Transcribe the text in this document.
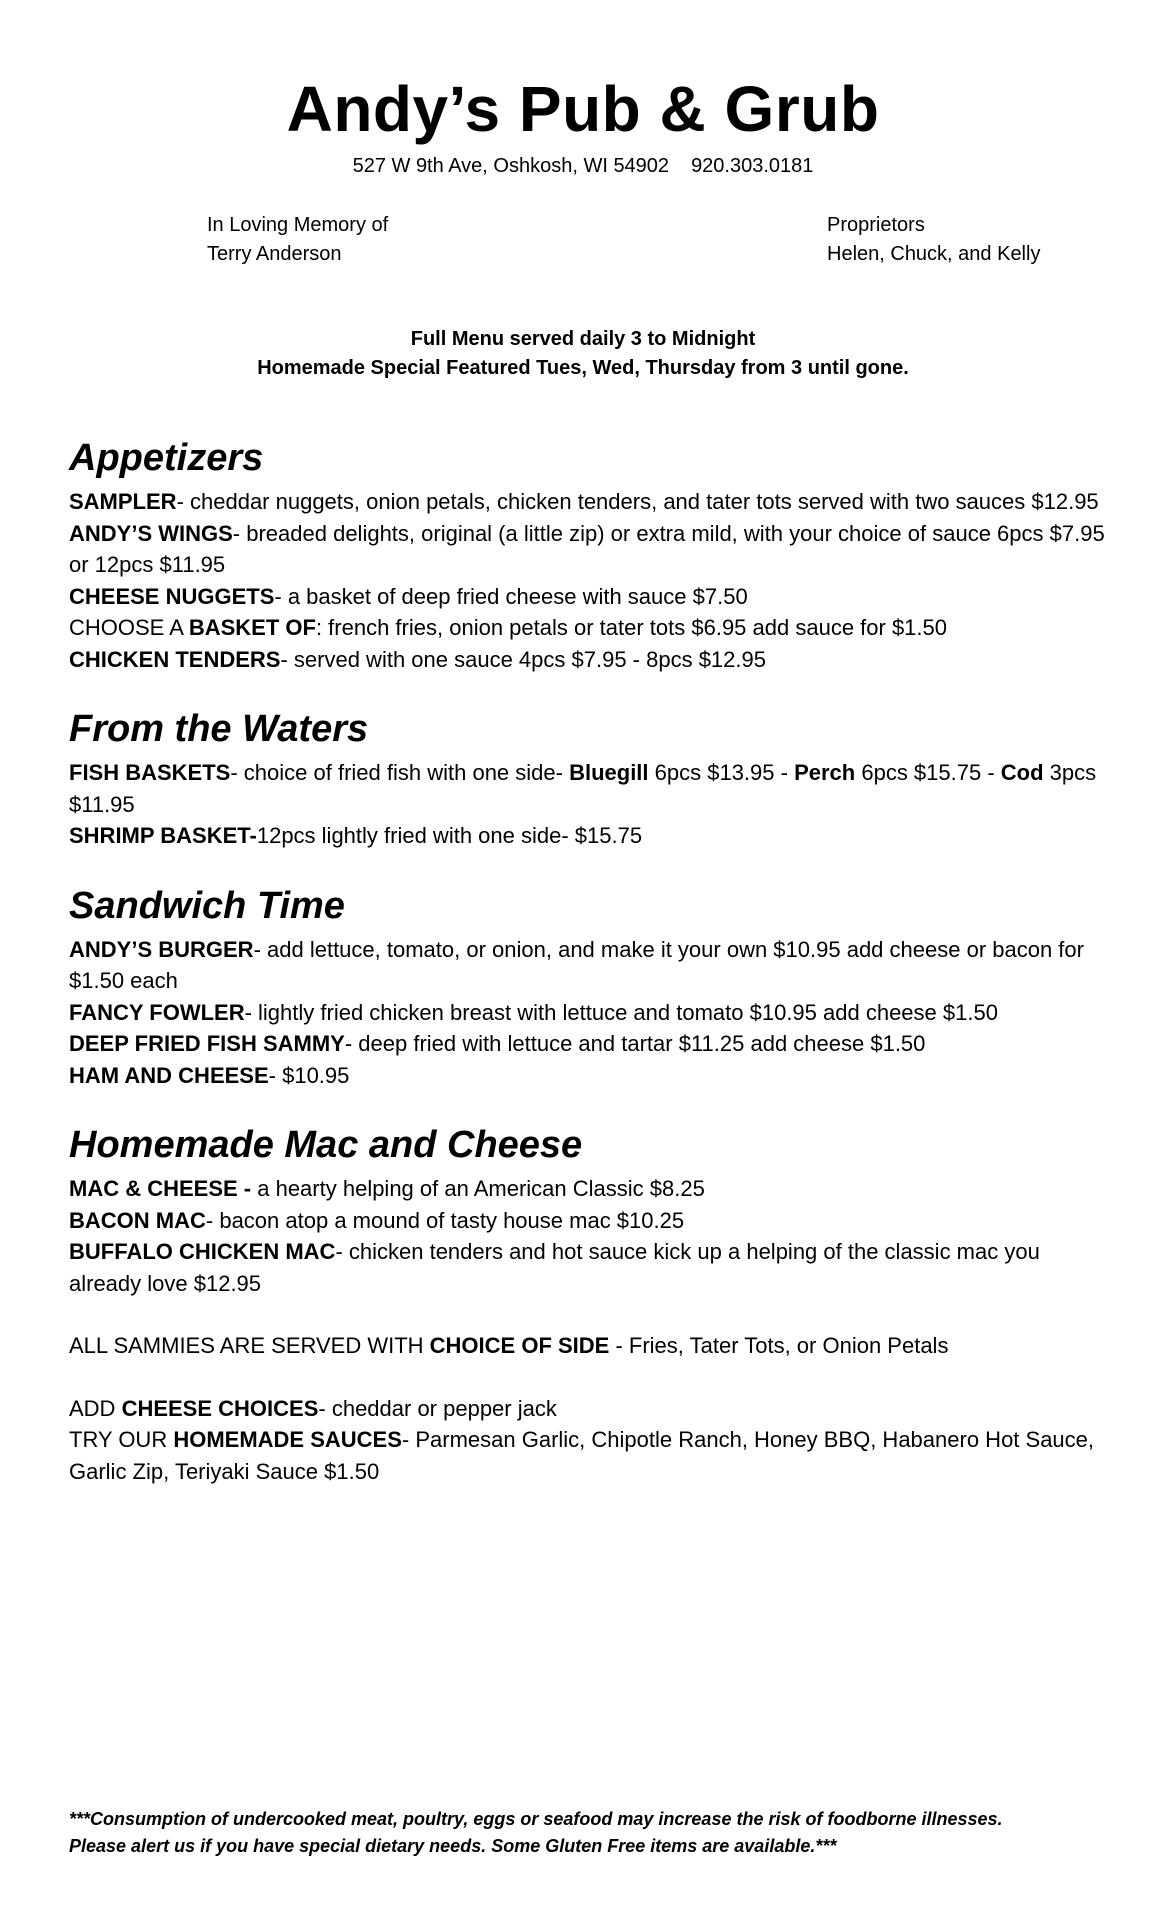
Andy’s Pub & Grub
527 W 9th Ave, Oshkosh, WI 54902 920.303.0181
In Loving Memory of
Terry Anderson
Proprietors
Helen, Chuck, and Kelly
Full Menu served daily 3 to Midnight
Homemade Special Featured Tues, Wed, Thursday from 3 until gone.
Appetizers

SAMPLER- cheddar nuggets, onion petals, chicken tenders, and tater tots served with two sauces $12.95

ANDY’S WINGS- breaded delights, original (a little zip) or extra mild, with your choice of sauce 6pcs $7.95 or 12pcs $11.95

CHEESE NUGGETS- a basket of deep fried cheese with sauce $7.50

CHOOSE A BASKET OF: french fries, onion petals or tater tots $6.95 add sauce for $1.50

CHICKEN TENDERS- served with one sauce 4pcs $7.95 - 8pcs $12.95

From the Waters

FISH BASKETS- choice of fried fish with one side- Bluegill 6pcs $13.95 - Perch 6pcs $15.75 - Cod 3pcs $11.95

SHRIMP BASKET-12pcs lightly fried with one side- $15.75

Sandwich Time

ANDY’S BURGER- add lettuce, tomato, or onion, and make it your own $10.95 add cheese or bacon for $1.50 each

FANCY FOWLER- lightly fried chicken breast with lettuce and tomato $10.95 add cheese $1.50

DEEP FRIED FISH SAMMY- deep fried with lettuce and tartar $11.25 add cheese $1.50

HAM AND CHEESE- $10.95

Homemade Mac and Cheese

MAC & CHEESE - a hearty helping of an American Classic $8.25

BACON MAC- bacon atop a mound of tasty house mac $10.25

BUFFALO CHICKEN MAC- chicken tenders and hot sauce kick up a helping of the classic mac you already love $12.95

ALL SAMMIES ARE SERVED WITH CHOICE OF SIDE - Fries, Tater Tots, or Onion Petals

ADD CHEESE CHOICES- cheddar or pepper jack

TRY OUR HOMEMADE SAUCES- Parmesan Garlic, Chipotle Ranch, Honey BBQ, Habanero Hot Sauce, Garlic Zip, Teriyaki Sauce $1.50

***Consumption of undercooked meat, poultry, eggs or seafood may increase the risk of foodborne illnesses.
Please alert us if you have special dietary needs. Some Gluten Free items are available.***
